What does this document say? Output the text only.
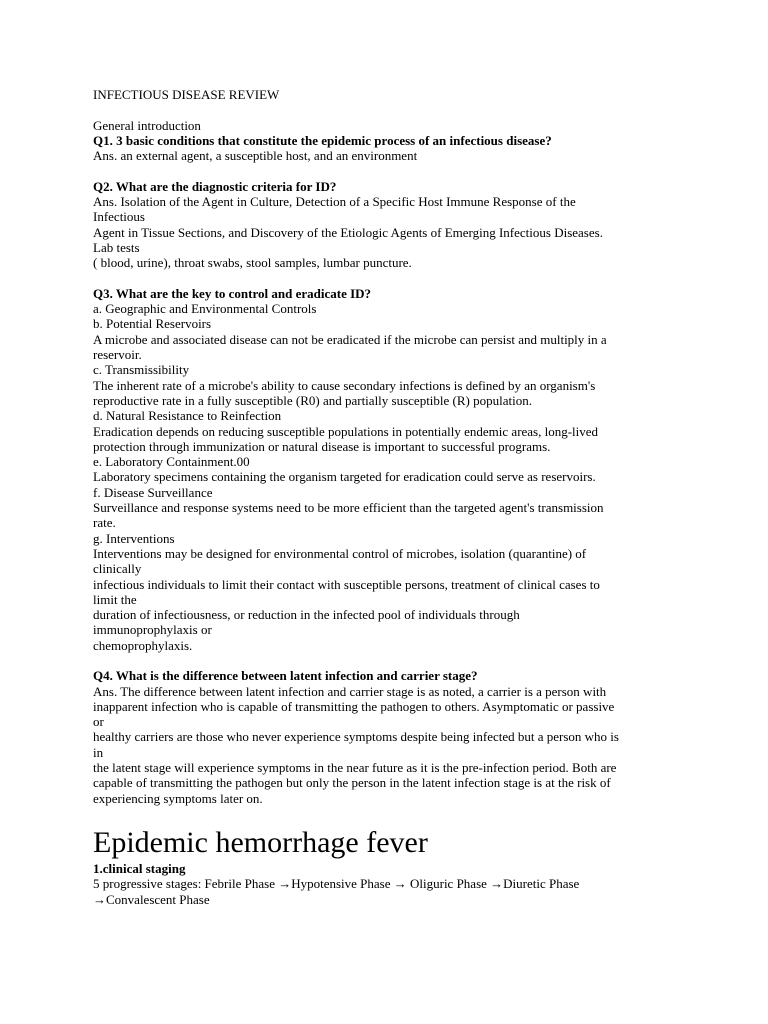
INFECTIOUS DISEASE REVIEW
General introduction
Q1. 3 basic conditions that constitute the epidemic process of an infectious disease?
Ans. an external agent, a susceptible host, and an environment
Q2. What are the diagnostic criteria for ID?
Ans. Isolation of the Agent in Culture, Detection of a Specific Host Immune Response of the
Infectious
Agent in Tissue Sections, and Discovery of the Etiologic Agents of Emerging Infectious Diseases.
Lab tests
( blood, urine), throat swabs, stool samples, lumbar puncture.
Q3. What are the key to control and eradicate ID?
a. Geographic and Environmental Controls
b. Potential Reservoirs
A microbe and associated disease can not be eradicated if the microbe can persist and multiply in a
reservoir.
c. Transmissibility
The inherent rate of a microbe's ability to cause secondary infections is defined by an organism's
reproductive rate in a fully susceptible (R0) and partially susceptible (R) population.
d. Natural Resistance to Reinfection
Eradication depends on reducing susceptible populations in potentially endemic areas, long-lived
protection through immunization or natural disease is important to successful programs.
e. Laboratory Containment.00
Laboratory specimens containing the organism targeted for eradication could serve as reservoirs.
f. Disease Surveillance
Surveillance and response systems need to be more efficient than the targeted agent's transmission
rate.
g. Interventions
Interventions may be designed for environmental control of microbes, isolation (quarantine) of
clinically
infectious individuals to limit their contact with susceptible persons, treatment of clinical cases to
limit the
duration of infectiousness, or reduction in the infected pool of individuals through
immunoprophylaxis or
chemoprophylaxis.
Q4. What is the difference between latent infection and carrier stage?
Ans. The difference between latent infection and carrier stage is as noted, a carrier is a person with
inapparent infection who is capable of transmitting the pathogen to others. Asymptomatic or passive
or
healthy carriers are those who never experience symptoms despite being infected but a person who is
in
the latent stage will experience symptoms in the near future as it is the pre-infection period. Both are
capable of transmitting the pathogen but only the person in the latent infection stage is at the risk of
experiencing symptoms later on.
Epidemic hemorrhage fever
1.clinical staging
5 progressive stages: Febrile Phase →Hypotensive Phase → Oliguric Phase →Diuretic Phase
→Convalescent Phase
